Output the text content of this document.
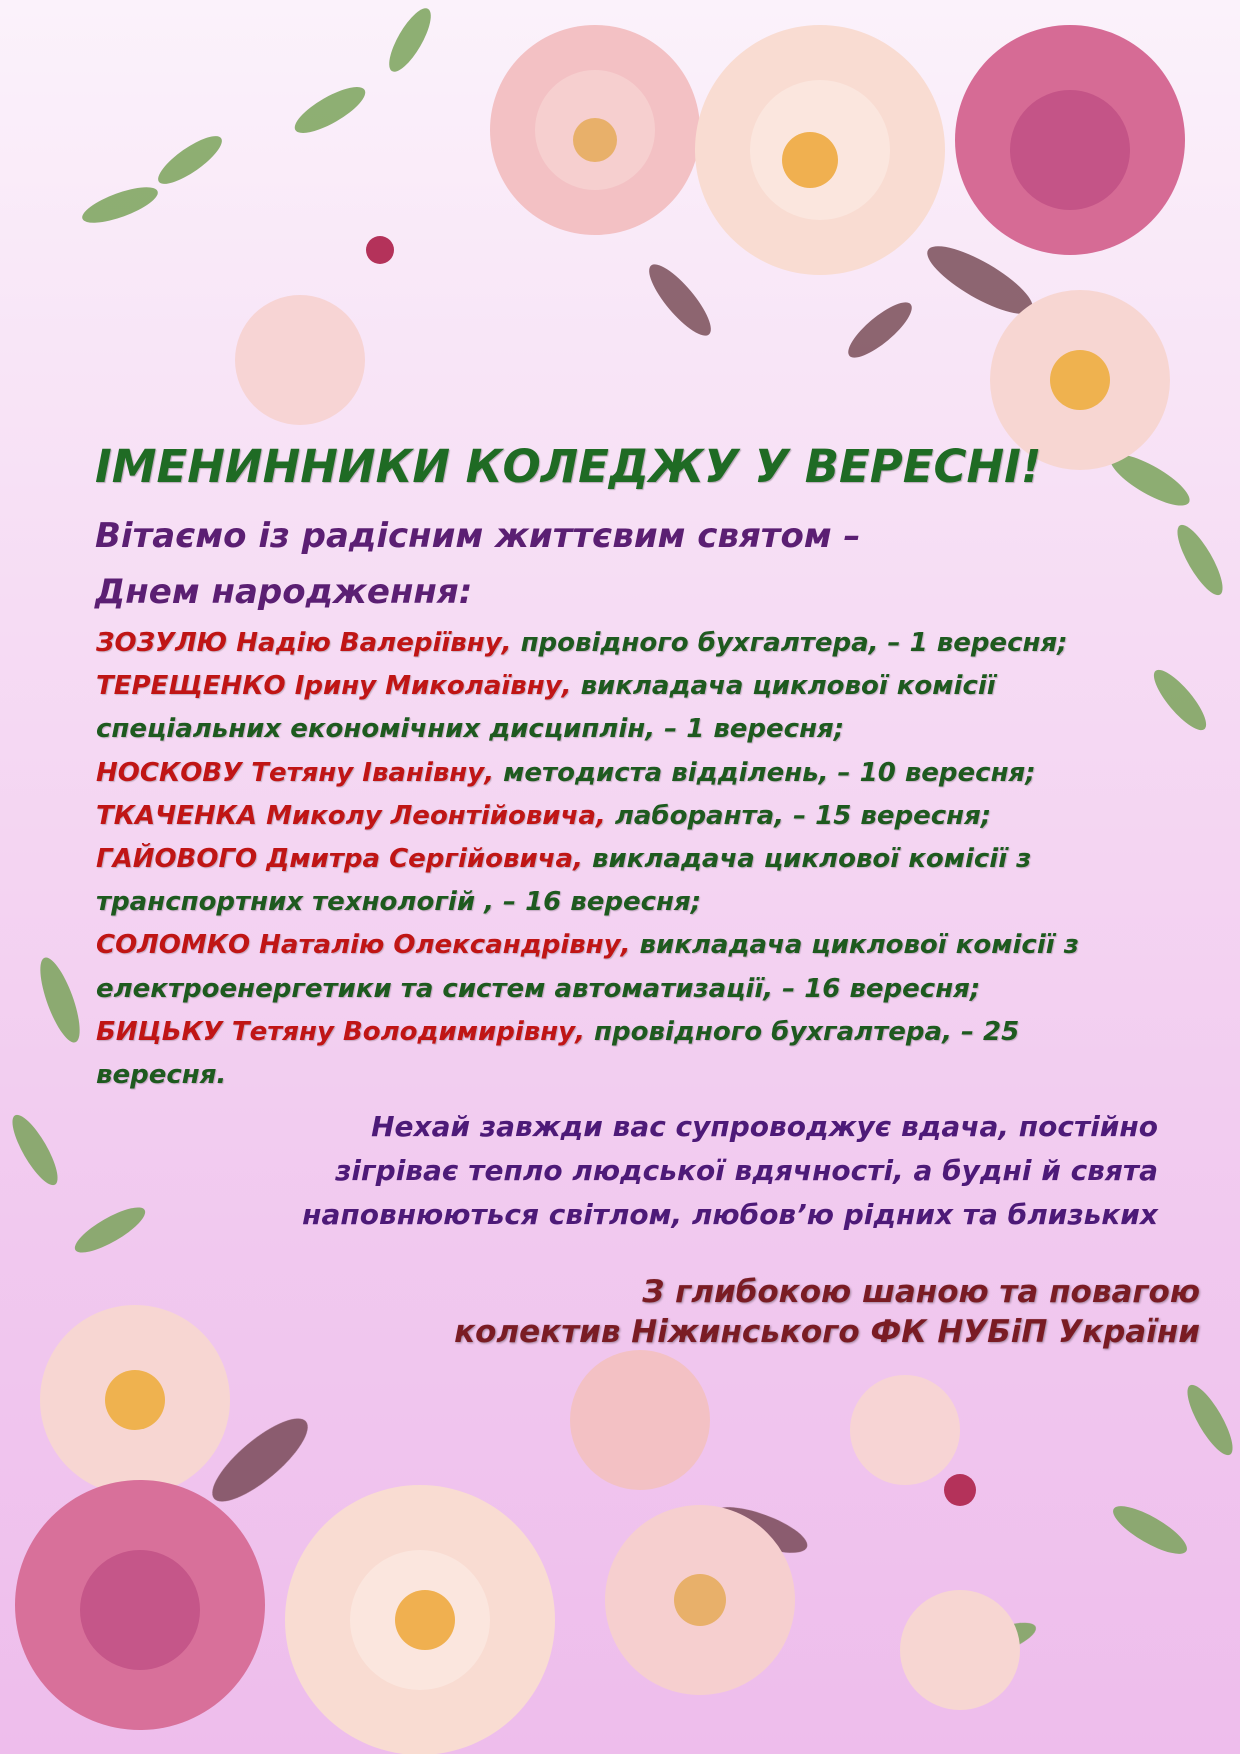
ІМЕНИННИКИ КОЛЕДЖУ У ВЕРЕСНІ!
Вітаємо із радісним життєвим святом –
Днем народження:

ЗОЗУЛЮ Надію Валеріївну, провідного бухгалтера, – 1 вересня;

ТЕРЕЩЕНКО Ірину Миколаївну, викладача циклової комісії спеціальних економічних дисциплін, – 1 вересня;

НОСКОВУ Тетяну Іванівну, методиста відділень, – 10 вересня;

ТКАЧЕНКА Миколу Леонтійовича, лаборанта, – 15 вересня;

ГАЙОВОГО Дмитра Сергійовича, викладача циклової комісії з транспортних технологій , – 16 вересня;

СОЛОМКО Наталію Олександрівну, викладача циклової комісії з електроенергетики та систем автоматизації, – 16 вересня;

БИЦЬКУ Тетяну Володимирівну, провідного бухгалтера, – 25 вересня.

Нехай завжди вас супроводжує вдача, постійно
зігріває тепло людської вдячності, а будні й свята
наповнюються світлом, любов’ю рідних та близьких
З глибокою шаною та повагою
колектив Ніжинського ФК НУБіП України
